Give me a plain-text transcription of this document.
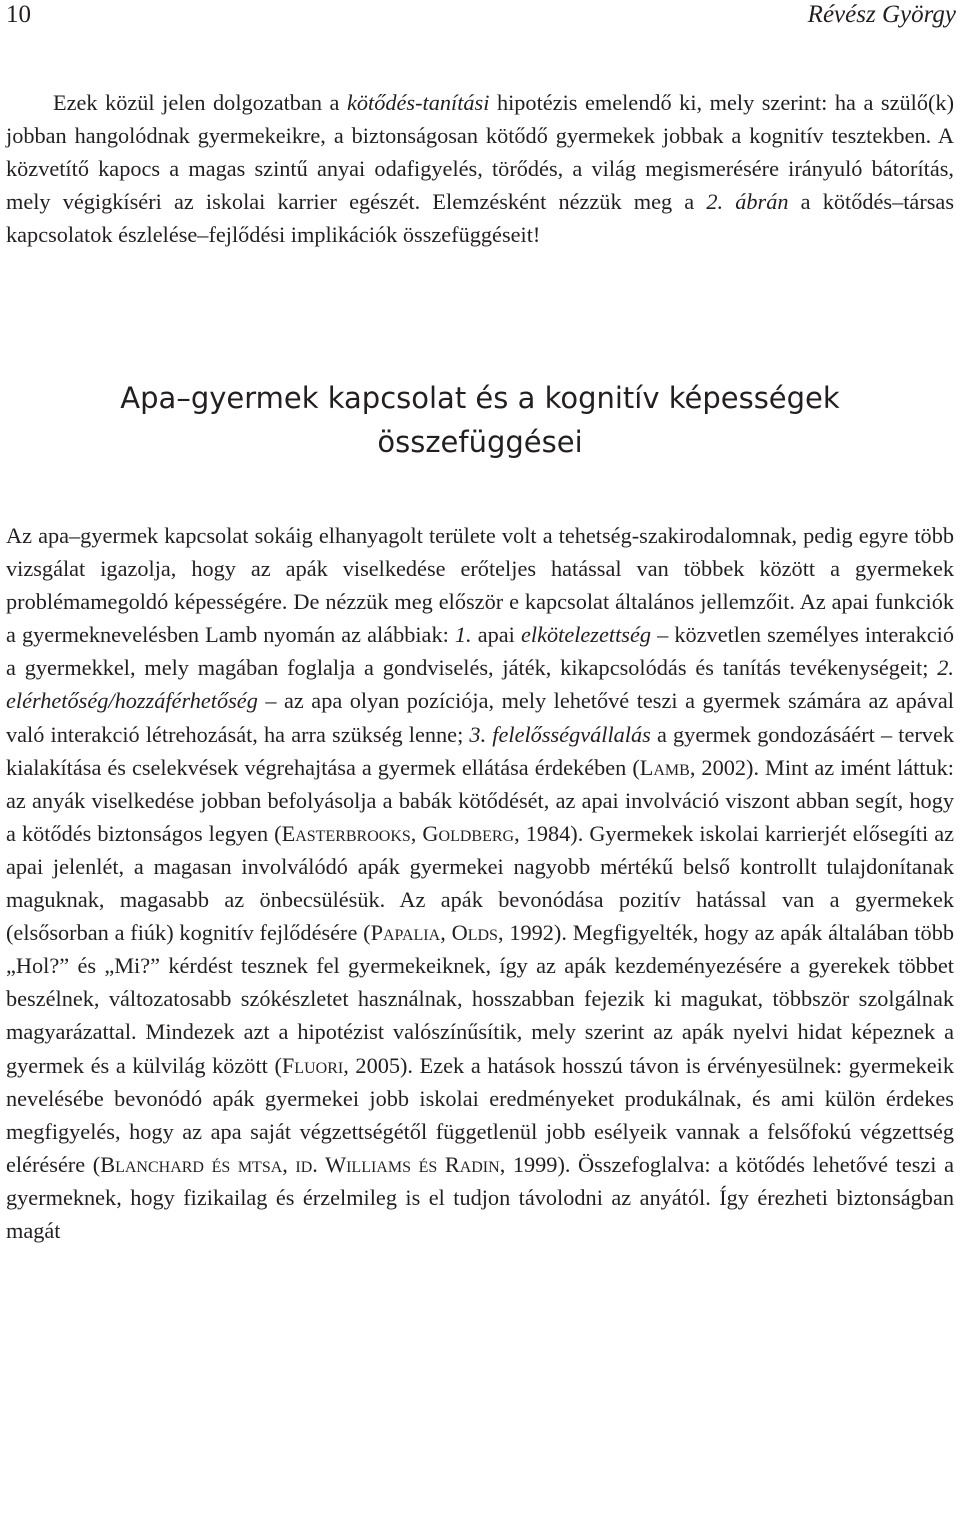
10	Révész György

Ezek közül jelen dolgozatban a kötődés-tanítási hipotézis emelendő ki, mely szerint: ha a szülő(k) jobban hangolódnak gyermekeikre, a biztonságosan kötődő gyermekek jobbak a kognitív tesztekben. A közvetítő kapocs a magas szintű anyai odafigyelés, törődés, a világ megismerésére irányuló bátorítás, mely végigkíséri az iskolai karrier egészét. Elemzésként nézzük meg a 2. ábrán a kötődés–társas kapcsolatok észlelése–fejlődési implikációk összefüggéseit!

Apa–gyermek kapcsolat és a kognitív képességek
összefüggései

Az apa–gyermek kapcsolat sokáig elhanyagolt területe volt a tehetség-szakirodalomnak, pedig egyre több vizsgálat igazolja, hogy az apák viselkedése erőteljes hatással van többek között a gyermekek problémamegoldó képességére. De nézzük meg először e kapcsolat általános jellemzőit. Az apai funkciók a gyermeknevelésben Lamb nyomán az alábbiak: 1. apai elkötelezettség – közvetlen személyes interakció a gyermekkel, mely magában foglalja a gondviselés, játék, kikapcsolódás és tanítás tevékenységeit; 2. elérhetőség/hozzáférhetőség – az apa olyan pozíciója, mely lehetővé teszi a gyermek számára az apával való interakció létrehozását, ha arra szükség lenne; 3. felelősségvállalás a gyermek gondozásáért – tervek kialakítása és cselekvések végrehajtása a gyermek ellátása érdekében (Lamb, 2002). Mint az imént láttuk: az anyák viselkedése jobban befolyásolja a babák kötődését, az apai involváció viszont abban segít, hogy a kötődés biztonságos legyen (Easterbrooks, Goldberg, 1984). Gyermekek iskolai karrierjét elősegíti az apai jelenlét, a magasan involválódó apák gyermekei nagyobb mértékű belső kontrollt tulajdonítanak maguknak, magasabb az önbecsülésük. Az apák bevonódása pozitív hatással van a gyermekek (elsősorban a fiúk) kognitív fejlődésére (Papalia, Olds, 1992). Megfigyelték, hogy az apák általában több „Hol?” és „Mi?” kérdést tesznek fel gyermekeiknek, így az apák kezdeményezésére a gyerekek többet beszélnek, változatosabb szókészletet használnak, hosszabban fejezik ki magukat, többször szolgálnak magyarázattal. Mindezek azt a hipotézist valószínűsítik, mely szerint az apák nyelvi hidat képeznek a gyermek és a külvilág között (Fluori, 2005). Ezek a hatások hosszú távon is érvényesülnek: gyermekeik nevelésébe bevonódó apák gyermekei jobb iskolai eredményeket produkálnak, és ami külön érdekes megfigyelés, hogy az apa saját végzettségétől függetlenül jobb esélyeik vannak a felsőfokú végzettség elérésére (Blanchard és mtsa, id. Williams és Radin, 1999). Összefoglalva: a kötődés lehetővé teszi a gyermeknek, hogy fizikailag és érzelmileg is el tudjon távolodni az anyától. Így érezheti biztonságban magát
